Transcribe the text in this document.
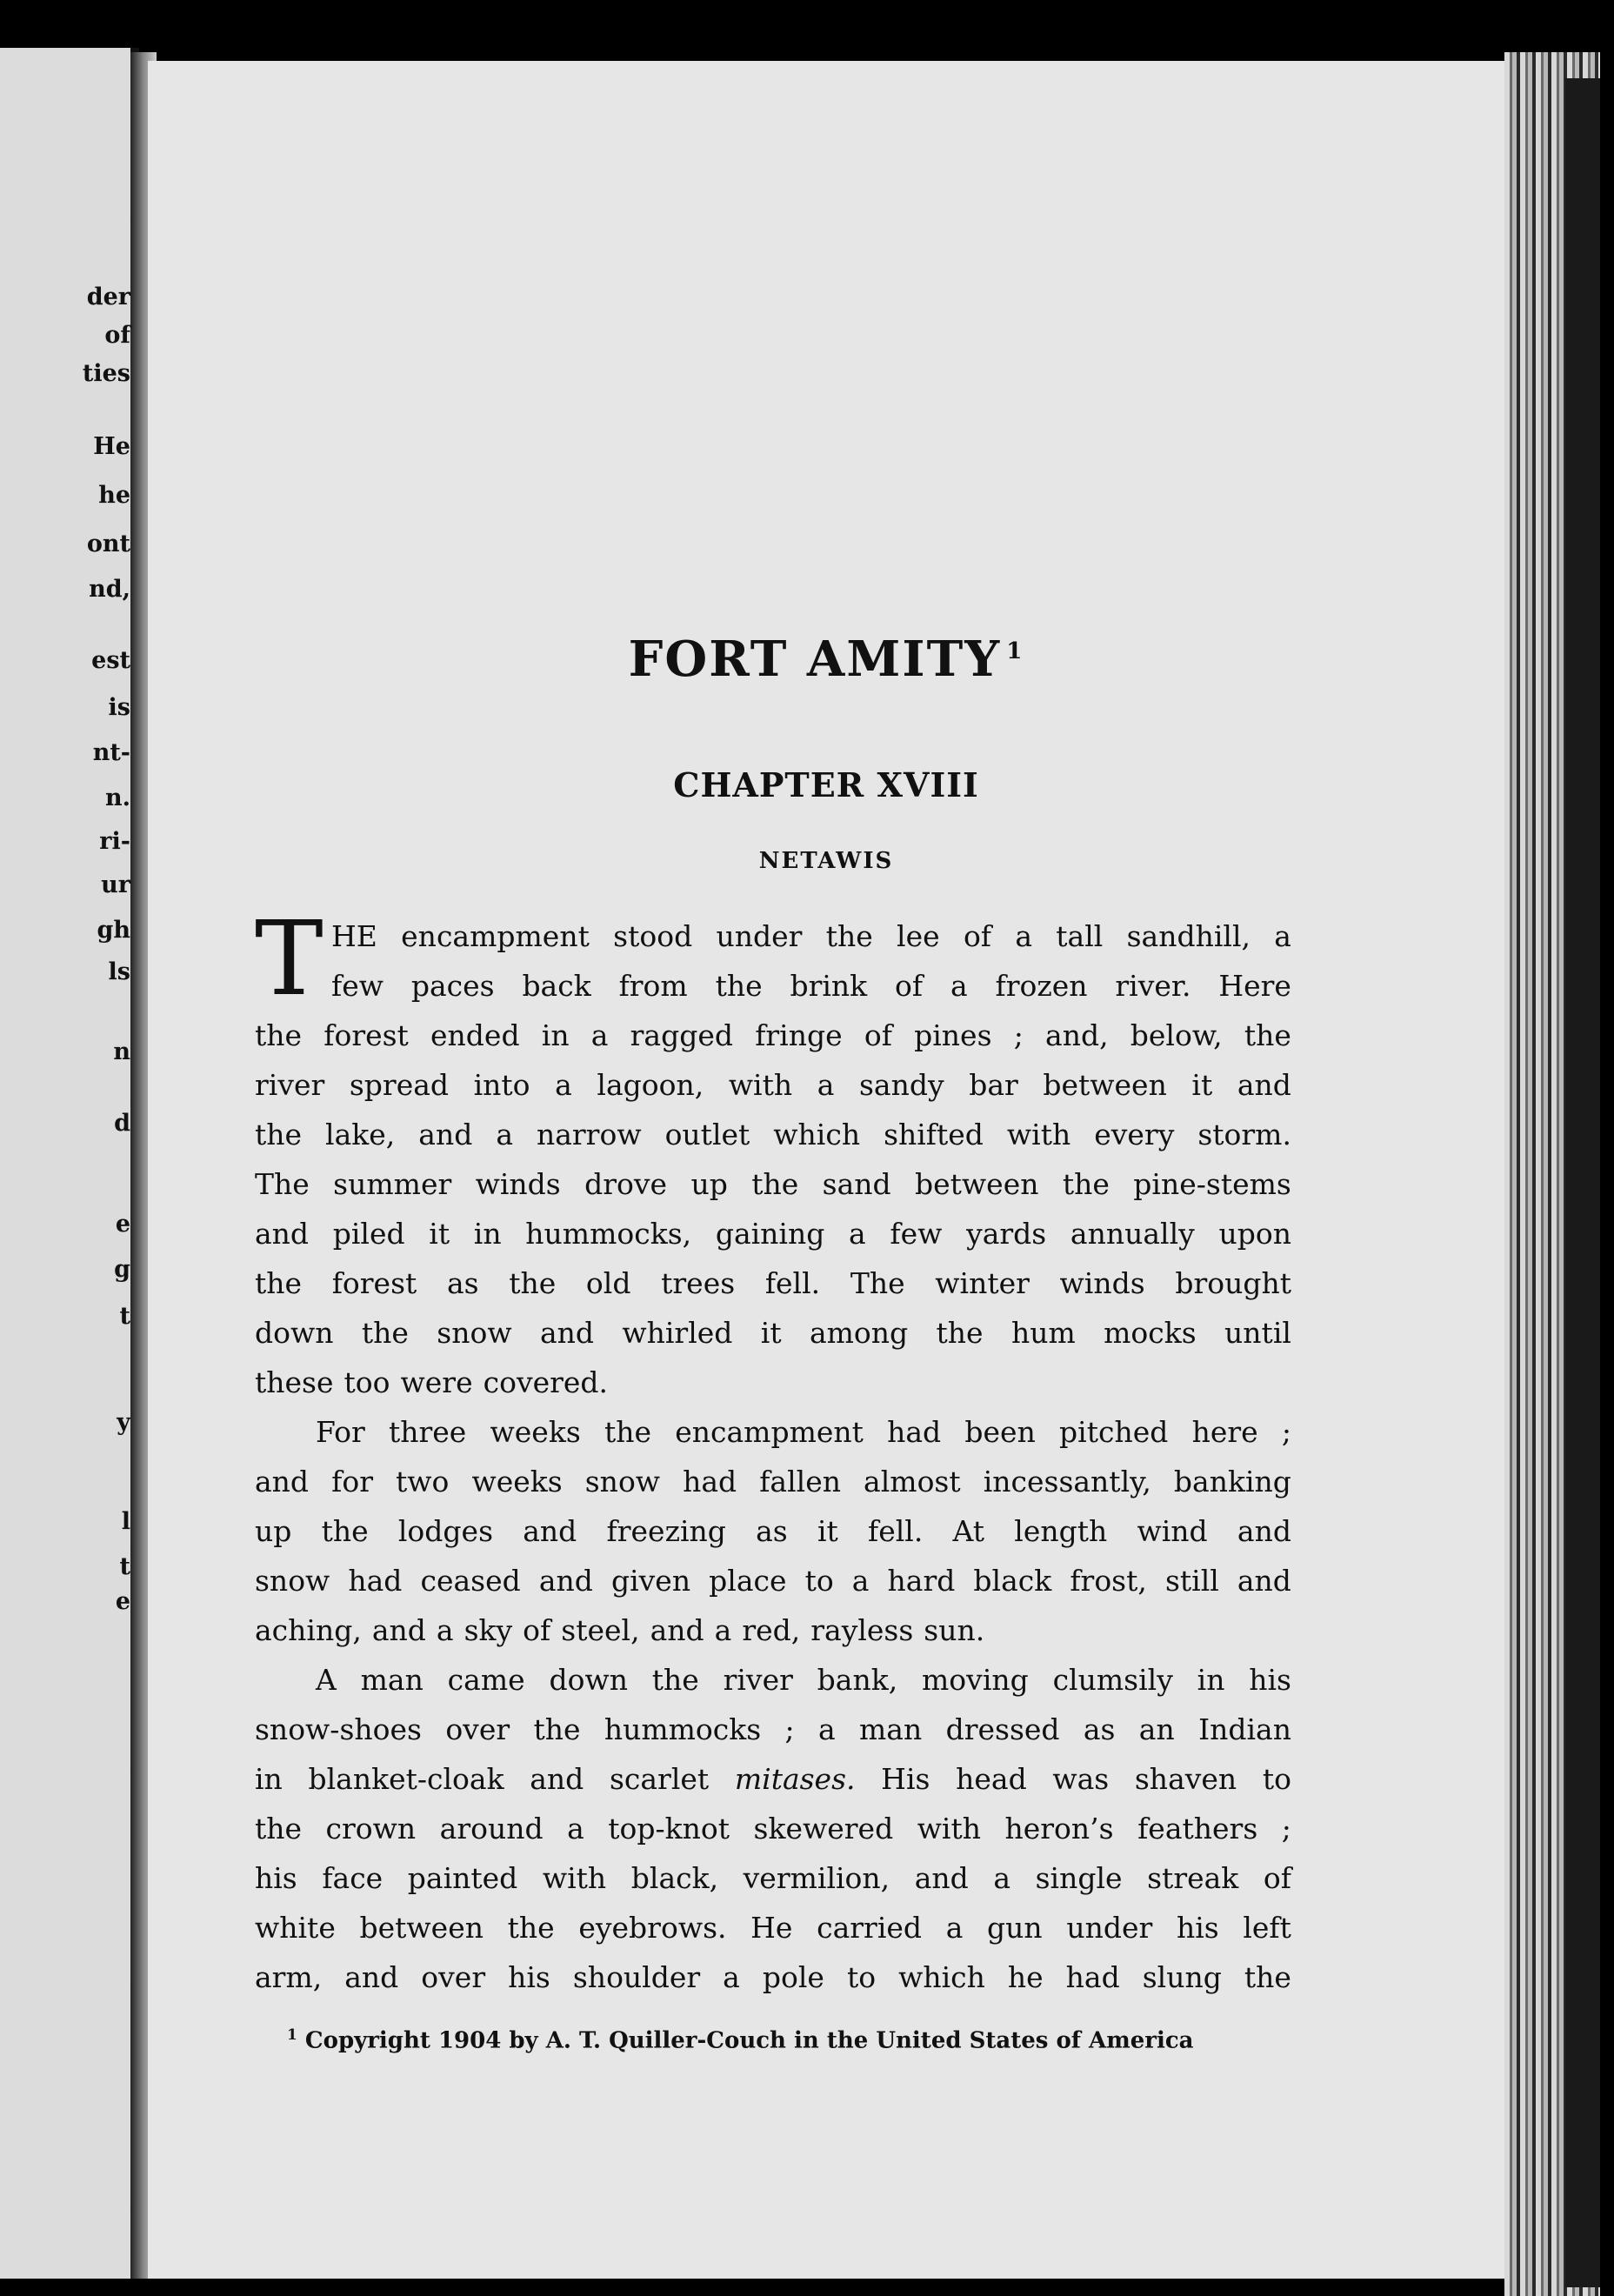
der
of
ties
He
he
ont
nd,
est
is
nt-
n.
ri-
ur
gh
ls
n
d
e
g
t
y
l
t
e
FORT AMITY $^1$
CHAPTER XVIII
NETAWIS
T HE encampment stood under the lee of a tall sandhill, a
few paces back from the brink of a frozen river. Here
the forest ended in a ragged fringe of pines ; and, below, the
river spread into a lagoon, with a sandy bar between it and
the lake, and a narrow outlet which shifted with every storm.
The summer winds drove up the sand between the pine-stems
and piled it in hummocks, gaining a few yards annually upon
the forest as the old trees fell. The winter winds brought
down the snow and whirled it among the hum mocks until
these too were covered.
For three weeks the encampment had been pitched here ;
and for two weeks snow had fallen almost incessantly, banking
up the lodges and freezing as it fell. At length wind and
snow had ceased and given place to a hard black frost, still and
aching, and a sky of steel, and a red, rayless sun.
A man came down the river bank, moving clumsily in his
snow-shoes over the hummocks ; a man dressed as an Indian
in blanket-cloak and scarlet mitases. His head was shaven to
the crown around a top-knot skewered with heron’s feathers ;
his face painted with black, vermilion, and a single streak of
white between the eyebrows. He carried a gun under his left
arm, and over his shoulder a pole to which he had slung the
$^1$ Copyright 1904 by A. T. Quiller-Couch in the United States of America
